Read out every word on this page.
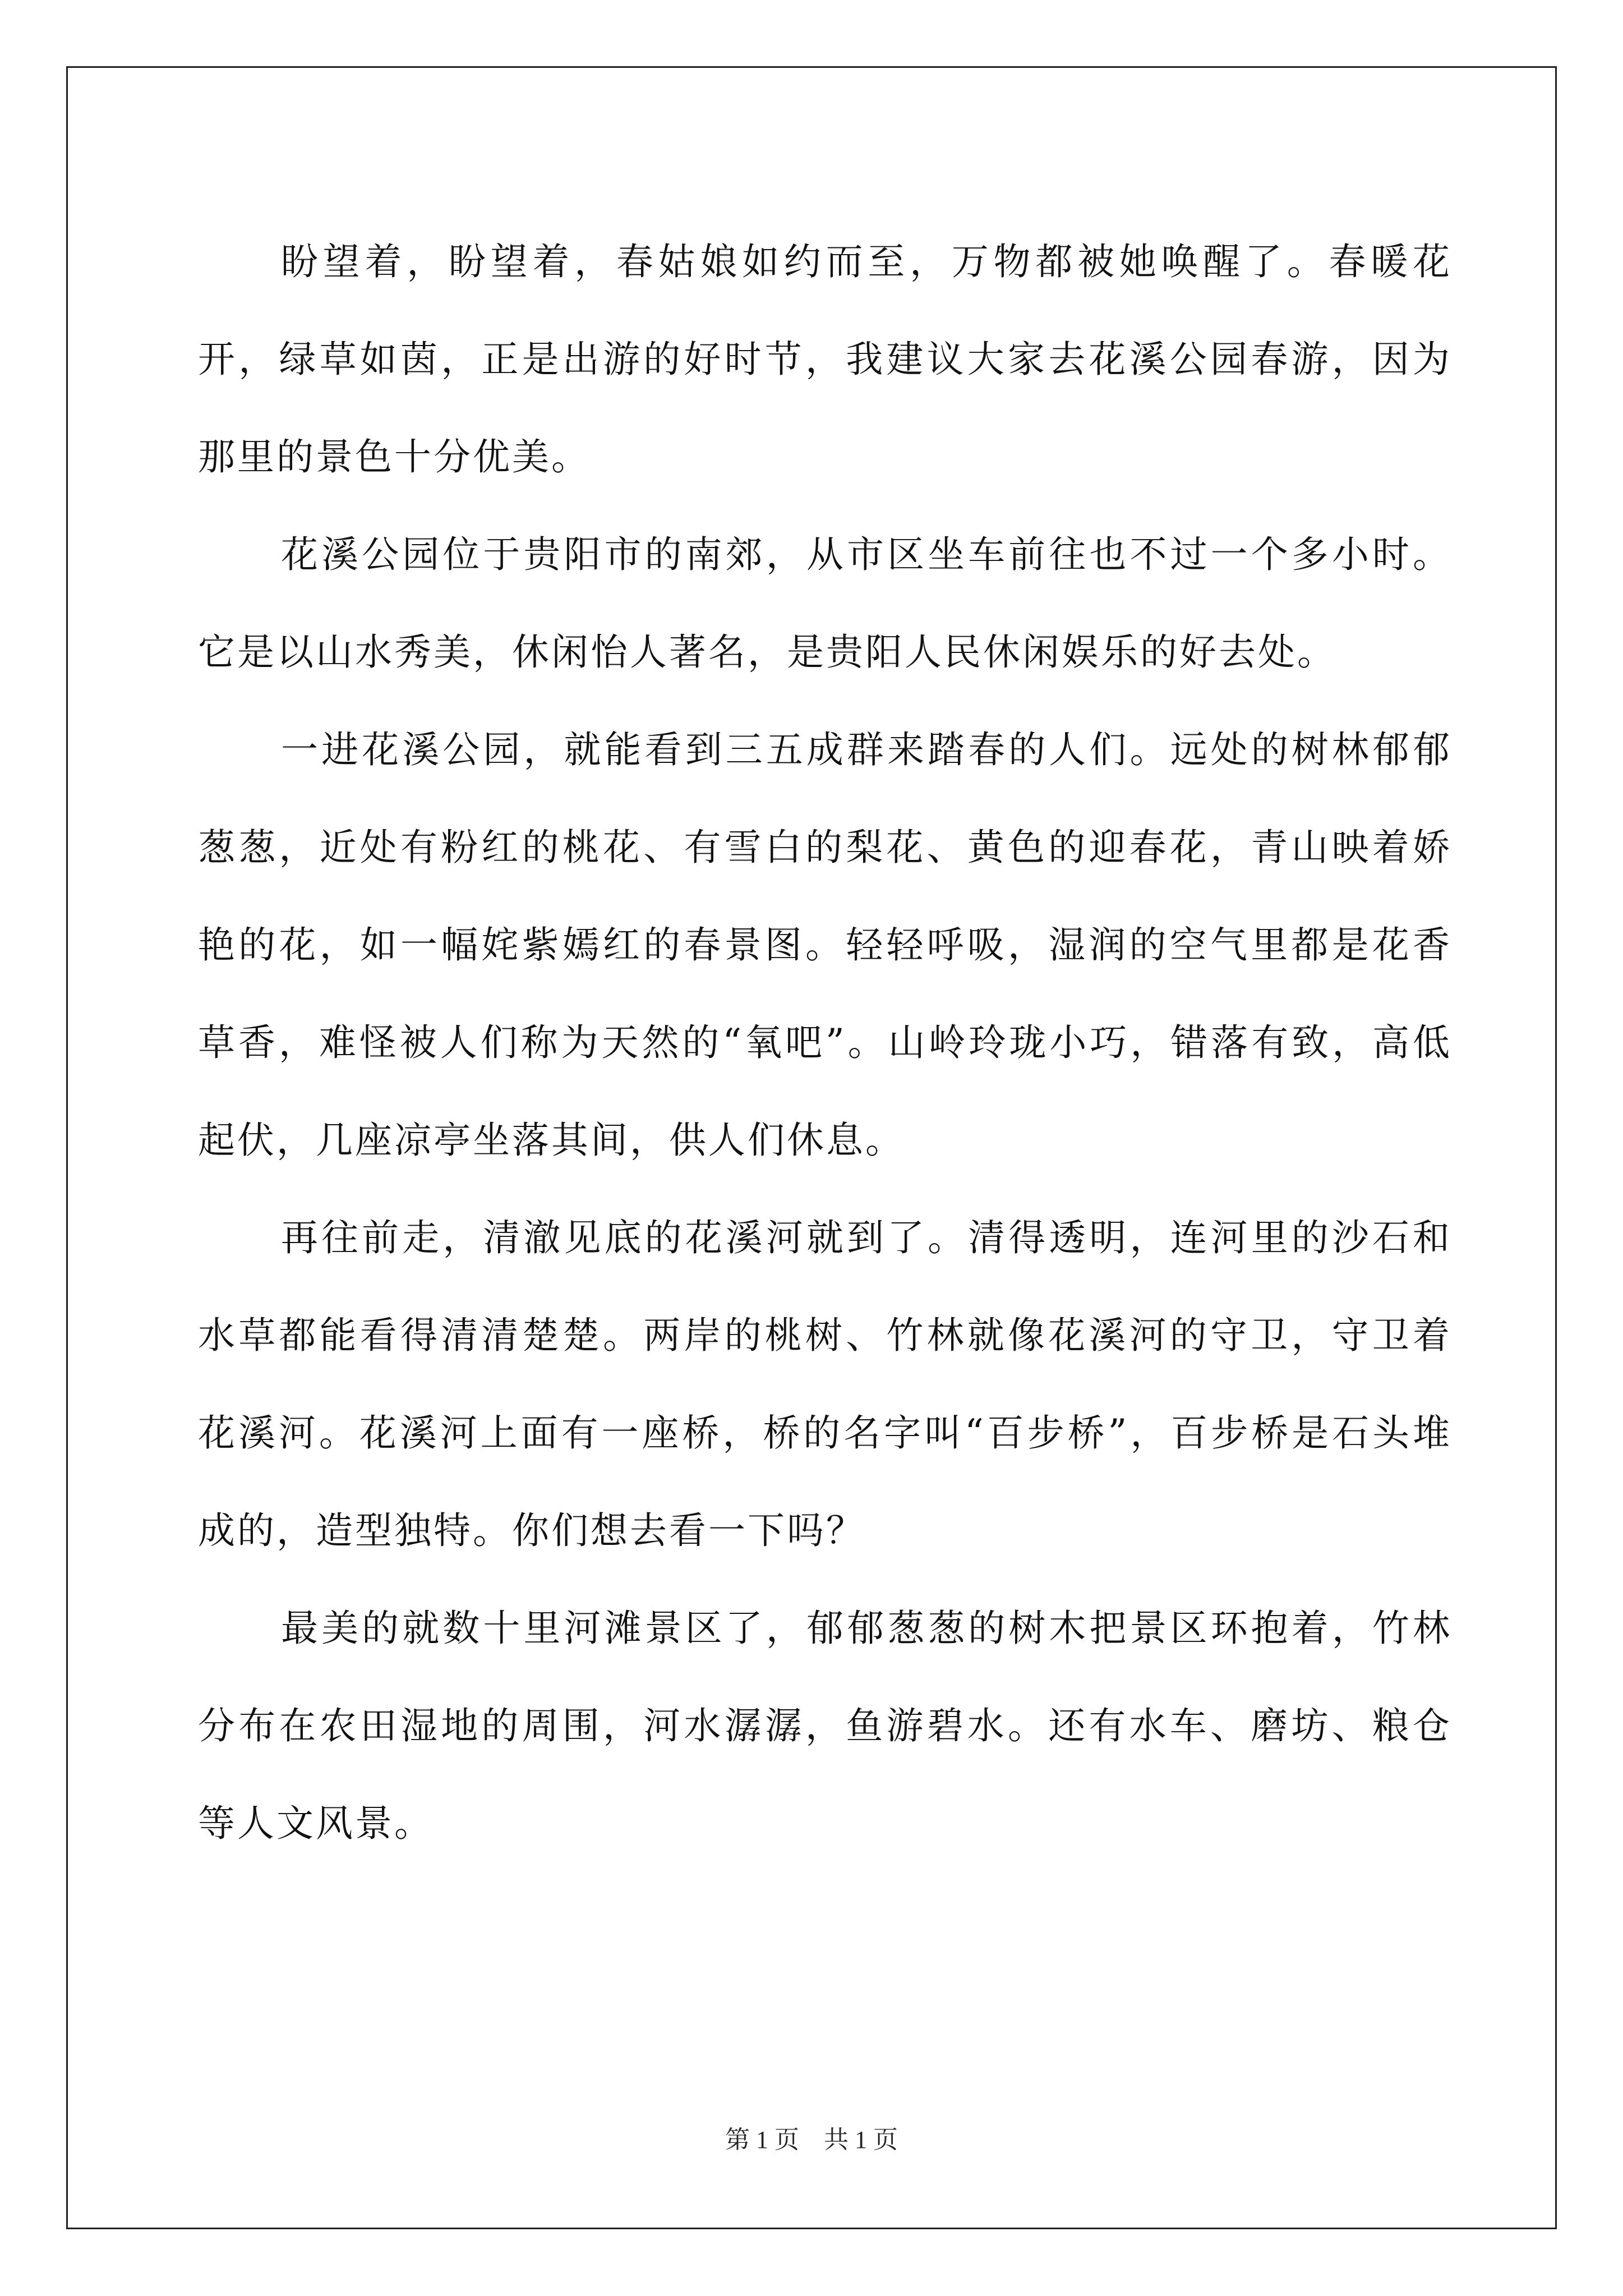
盼望着，盼望着，春姑娘如约而至，万物都被她唤醒了。春暖花开，绿草如茵，正是出游的好时节，我建议大家去花溪公园春游，因为那里的景色十分优美。

花溪公园位于贵阳市的南郊，从市区坐车前往也不过一个多小时。它是以山水秀美，休闲怡人著名，是贵阳人民休闲娱乐的好去处。

一进花溪公园，就能看到三五成群来踏春的人们。远处的树林郁郁葱葱，近处有粉红的桃花、有雪白的梨花、黄色的迎春花，青山映着娇艳的花，如一幅姹紫嫣红的春景图。轻轻呼吸，湿润的空气里都是花香草香，难怪被人们称为天然的“氧吧”。山岭玲珑小巧，错落有致，高低起伏，几座凉亭坐落其间，供人们休息。

再往前走，清澈见底的花溪河就到了。清得透明，连河里的沙石和水草都能看得清清楚楚。两岸的桃树、竹林就像花溪河的守卫，守卫着花溪河。花溪河上面有一座桥，桥的名字叫“百步桥”，百步桥是石头堆成的，造型独特。你们想去看一下吗？

最美的就数十里河滩景区了，郁郁葱葱的树木把景区环抱着，竹林分布在农田湿地的周围，河水潺潺，鱼游碧水。还有水车、磨坊、粮仓等人文风景。

第 1 页    共 1 页
